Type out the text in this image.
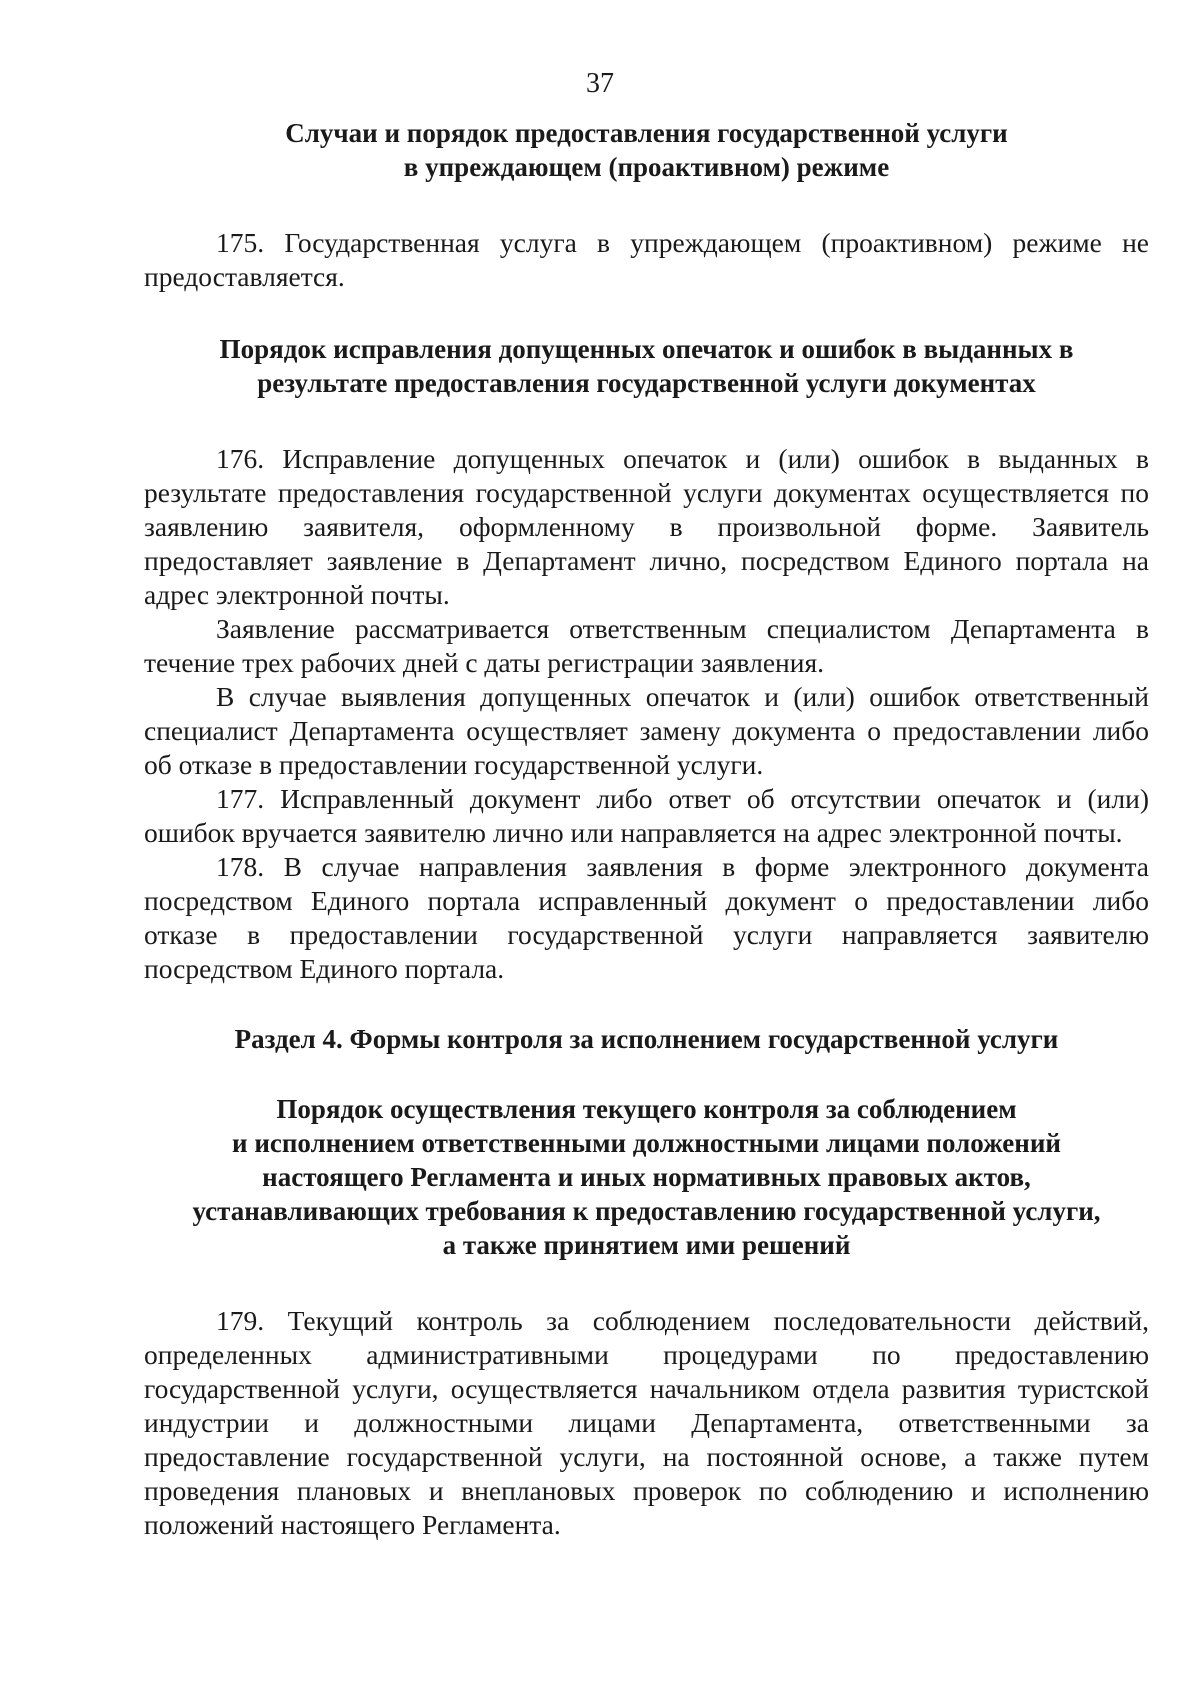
37
Случаи и порядок предоставления государственной услуги
в упреждающем (проактивном) режиме

175. Государственная услуга в упреждающем (проактивном) режиме не предоставляется.

Порядок исправления допущенных опечаток и ошибок в выданных в
результате предоставления государственной услуги документах

176. Исправление допущенных опечаток и (или) ошибок в выданных в результате предоставления государственной услуги документах осуществляется по заявлению заявителя, оформленному в произвольной форме. Заявитель предоставляет заявление в Департамент лично, посредством Единого портала на адрес электронной почты.

Заявление рассматривается ответственным специалистом Департамента в течение трех рабочих дней с даты регистрации заявления.

В случае выявления допущенных опечаток и (или) ошибок ответственный специалист Департамента осуществляет замену документа о предоставлении либо об отказе в предоставлении государственной услуги.

177. Исправленный документ либо ответ об отсутствии опечаток и (или) ошибок вручается заявителю лично или направляется на адрес электронной почты.

178. В случае направления заявления в форме электронного документа посредством Единого портала исправленный документ о предоставлении либо отказе в предоставлении государственной услуги направляется заявителю посредством Единого портала.

Раздел 4. Формы контроля за исполнением государственной услуги
Порядок осуществления текущего контроля за соблюдением
и исполнением ответственными должностными лицами положений
настоящего Регламента и иных нормативных правовых актов,
устанавливающих требования к предоставлению государственной услуги,
а также принятием ими решений

179. Текущий контроль за соблюдением последовательности действий, определенных административными процедурами по предоставлению государственной услуги, осуществляется начальником отдела развития туристской индустрии и должностными лицами Департамента, ответственными за предоставление государственной услуги, на постоянной основе, а также путем проведения плановых и внеплановых проверок по соблюдению и исполнению положений настоящего Регламента.
